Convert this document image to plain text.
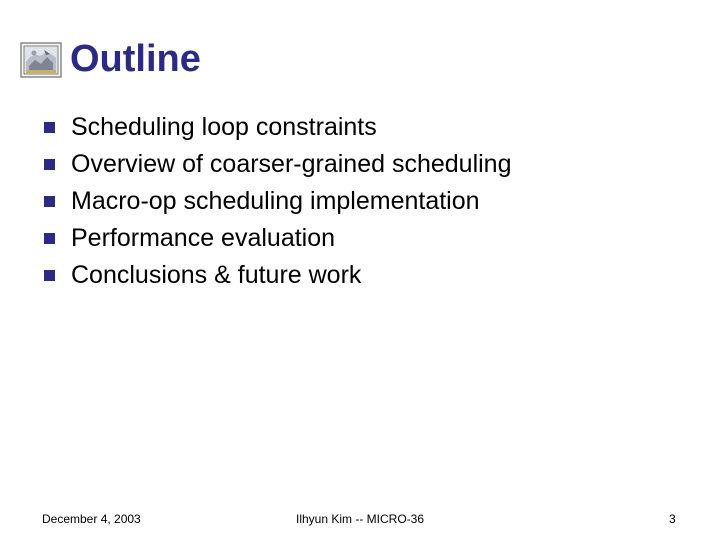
Outline
Scheduling loop constraints
Overview of coarser-grained scheduling
Macro-op scheduling implementation
Performance evaluation
Conclusions & future work
December 4, 2003	Ilhyun Kim -- MICRO-36	3
